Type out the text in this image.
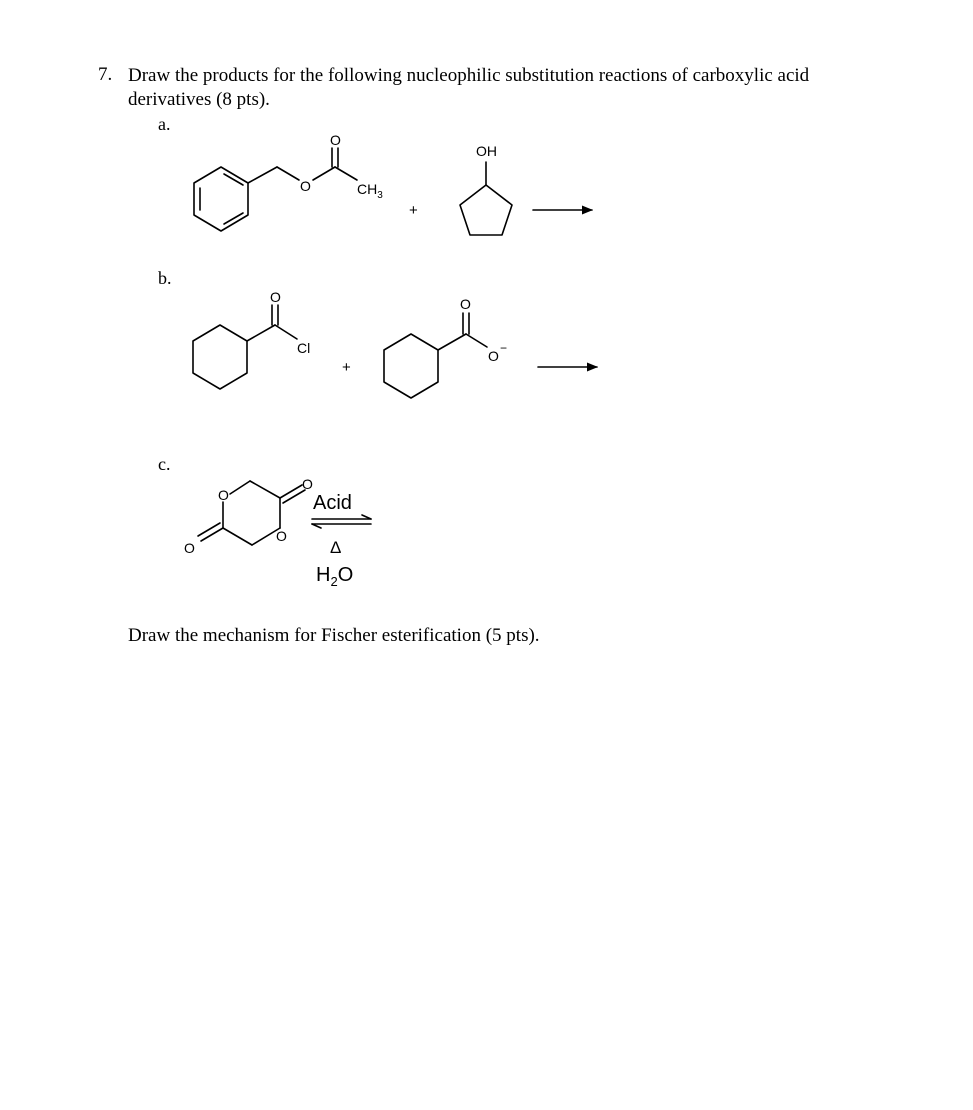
7. Draw the products for the following nucleophilic substitution reactions of carboxylic acid derivatives (8 pts).
a.
b.
c.
O
O
$CH_3$
+
OH
O
Cl
+
O
O −
O
O
O
O
Acid
Δ
$H_2O$
Draw the mechanism for Fischer esterification (5 pts).
